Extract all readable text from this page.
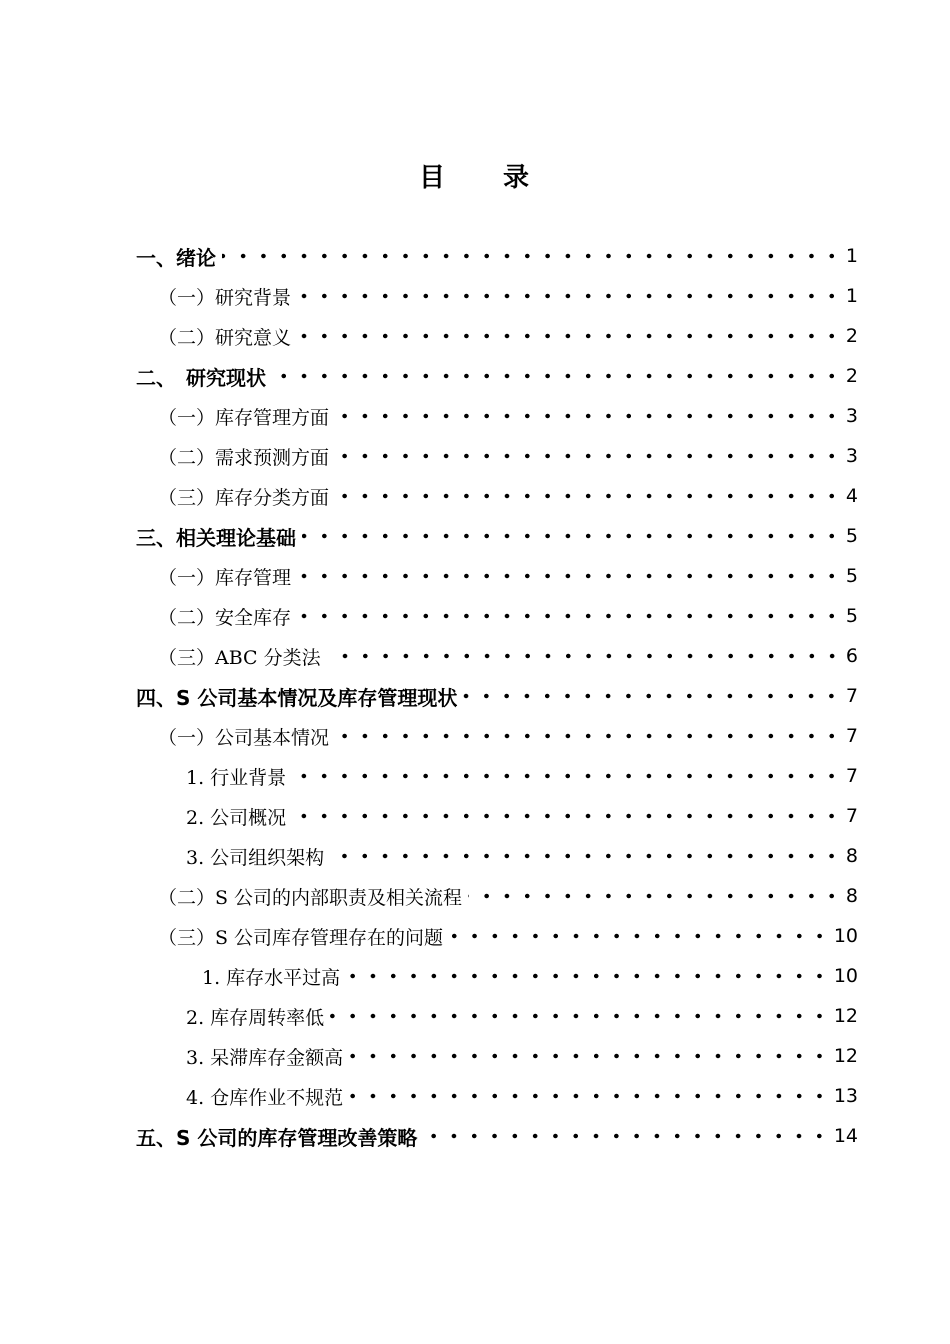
目　　录
一、绪论	1
（一）研究背景	1
（二）研究意义	2
二、　研究现状	2
（一）库存管理方面	3
（二）需求预测方面	3
（三）库存分类方面	4
三、相关理论基础	5
（一）库存管理	5
（二）安全库存	5
（三）ABC 分类法	6
四、S 公司基本情况及库存管理现状	7
（一）公司基本情况	7
1. 行业背景	7
2. 公司概况	7
3. 公司组织架构	8
（二）S 公司的内部职责及相关流程	8
（三）S 公司库存管理存在的问题	10
1. 库存水平过高	10
2. 库存周转率低	12
3. 呆滞库存金额高	12
4. 仓库作业不规范	13
五、S 公司的库存管理改善策略	14
